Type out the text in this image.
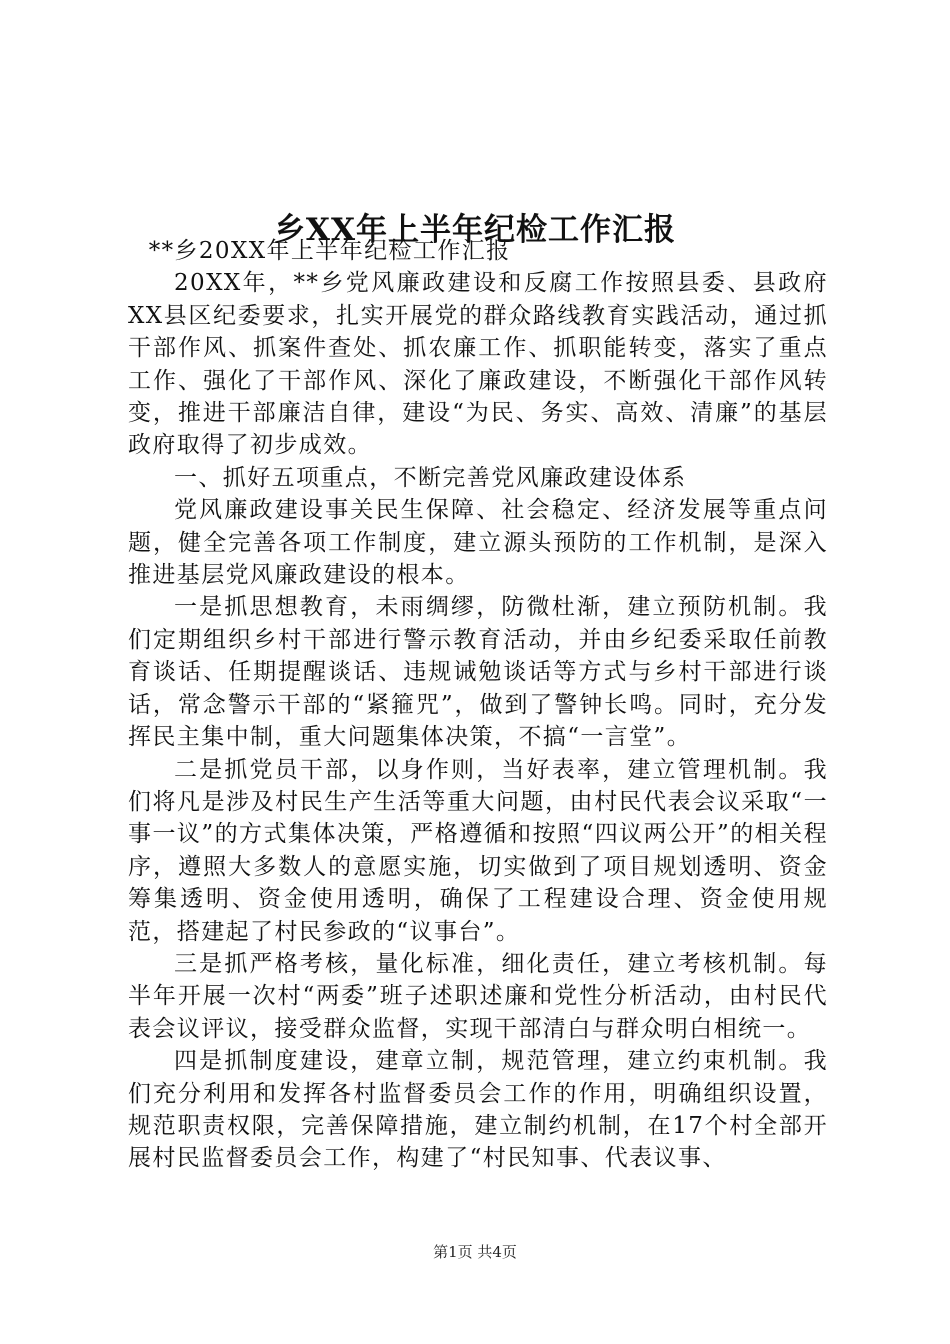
乡XX年上半年纪检工作汇报

**乡20XX年上半年纪检工作汇报

20XX年，**乡党风廉政建设和反腐工作按照县委、县政府XX县区纪委要求，扎实开展党的群众路线教育实践活动，通过抓干部作风、抓案件查处、抓农廉工作、抓职能转变，落实了重点工作、强化了干部作风、深化了廉政建设，不断强化干部作风转变，推进干部廉洁自律，建设“为民、务实、高效、清廉”的基层政府取得了初步成效。

一、抓好五项重点，不断完善党风廉政建设体系

党风廉政建设事关民生保障、社会稳定、经济发展等重点问题，健全完善各项工作制度，建立源头预防的工作机制，是深入推进基层党风廉政建设的根本。

一是抓思想教育，未雨绸缪，防微杜渐，建立预防机制。我们定期组织乡村干部进行警示教育活动，并由乡纪委采取任前教育谈话、任期提醒谈话、违规诫勉谈话等方式与乡村干部进行谈话，常念警示干部的“紧箍咒”，做到了警钟长鸣。同时，充分发挥民主集中制，重大问题集体决策，不搞“一言堂”。

二是抓党员干部，以身作则，当好表率，建立管理机制。我们将凡是涉及村民生产生活等重大问题，由村民代表会议采取“一事一议”的方式集体决策，严格遵循和按照“四议两公开”的相关程序，遵照大多数人的意愿实施，切实做到了项目规划透明、资金筹集透明、资金使用透明，确保了工程建设合理、资金使用规范，搭建起了村民参政的“议事台”。

三是抓严格考核，量化标准，细化责任，建立考核机制。每半年开展一次村“两委”班子述职述廉和党性分析活动，由村民代表会议评议，接受群众监督，实现干部清白与群众明白相统一。

四是抓制度建设，建章立制，规范管理，建立约束机制。我们充分利用和发挥各村监督委员会工作的作用，明确组织设置，规范职责权限，完善保障措施，建立制约机制，在17个村全部开展村民监督委员会工作，构建了“村民知事、代表议事、

第1页 共4页
